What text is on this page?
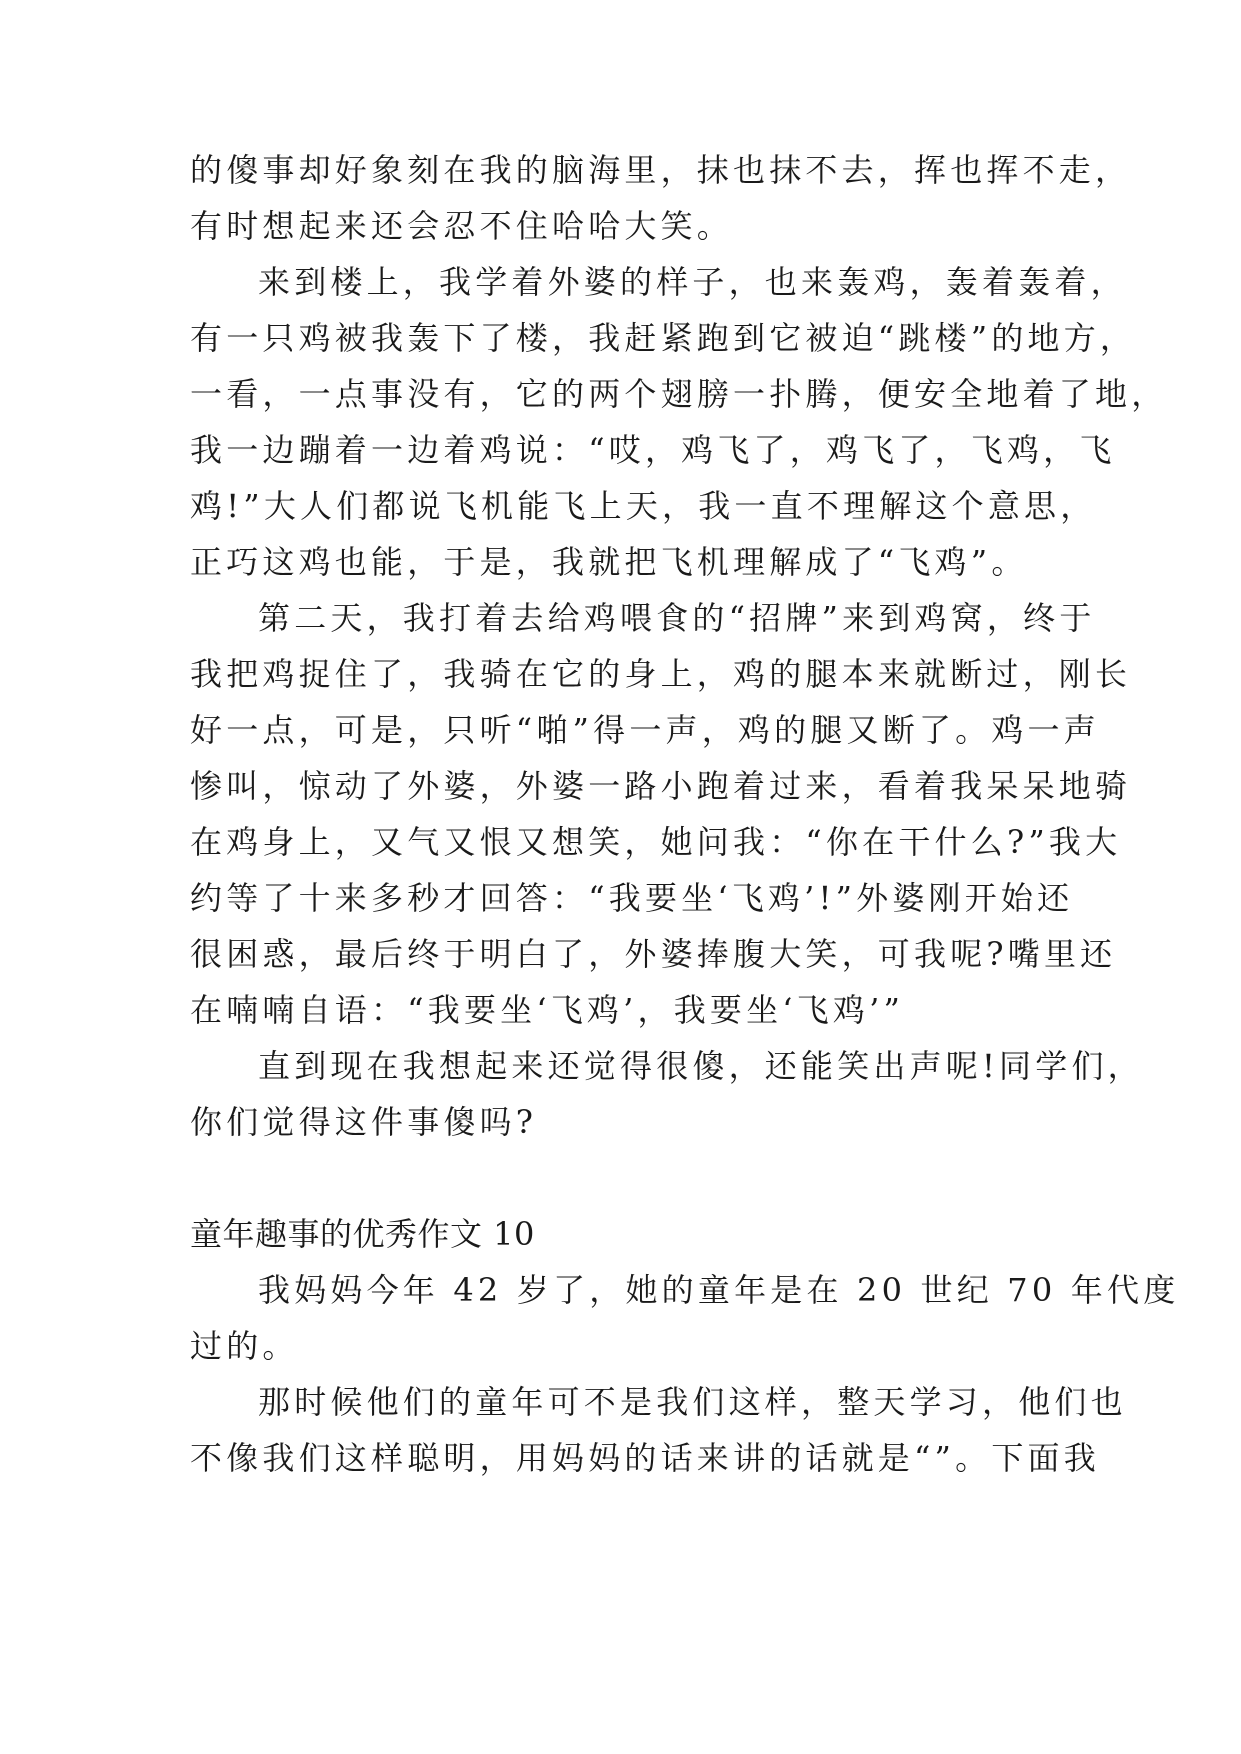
的傻事却好象刻在我的脑海里，抹也抹不去，挥也挥不走，
有时想起来还会忍不住哈哈大笑。
来到楼上，我学着外婆的样子，也来轰鸡，轰着轰着，
有一只鸡被我轰下了楼，我赶紧跑到它被迫“跳楼”的地方，
一看，一点事没有，它的两个翅膀一扑腾，便安全地着了地，
我一边蹦着一边着鸡说：“哎，鸡飞了，鸡飞了，飞鸡，飞
鸡!”大人们都说飞机能飞上天，我一直不理解这个意思，
正巧这鸡也能，于是，我就把飞机理解成了“飞鸡”。
第二天，我打着去给鸡喂食的“招牌”来到鸡窝，终于
我把鸡捉住了，我骑在它的身上，鸡的腿本来就断过，刚长
好一点，可是，只听“啪”得一声，鸡的腿又断了。鸡一声
惨叫，惊动了外婆，外婆一路小跑着过来，看着我呆呆地骑
在鸡身上，又气又恨又想笑，她问我：“你在干什么?”我大
约等了十来多秒才回答：“我要坐‘飞鸡’!”外婆刚开始还
很困惑，最后终于明白了，外婆捧腹大笑，可我呢?嘴里还
在喃喃自语：“我要坐‘飞鸡’，我要坐‘飞鸡’”
直到现在我想起来还觉得很傻，还能笑出声呢!同学们，
你们觉得这件事傻吗?
童年趣事的优秀作文 10
我妈妈今年 42 岁了，她的童年是在 20 世纪 70 年代度
过的。
那时候他们的童年可不是我们这样，整天学习，他们也
不像我们这样聪明，用妈妈的话来讲的话就是“”。下面我
